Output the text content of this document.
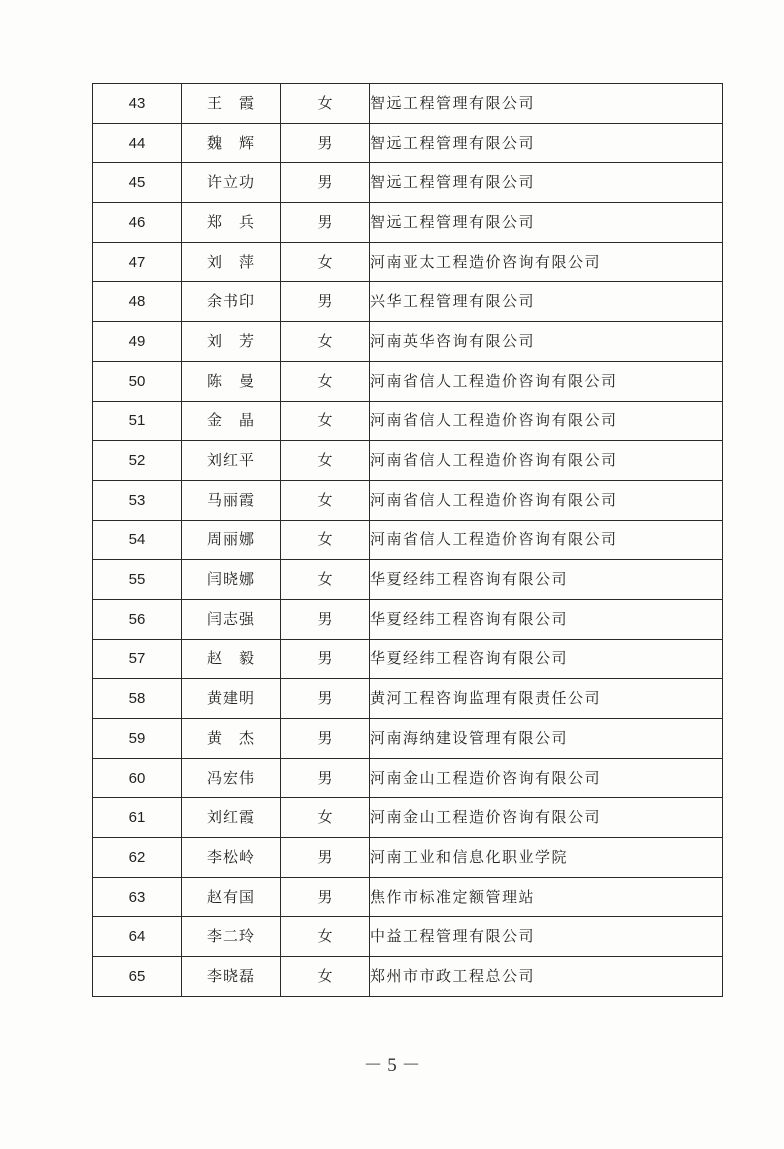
43	王　霞	女	智远工程管理有限公司
44	魏　辉	男	智远工程管理有限公司
45	许立功	男	智远工程管理有限公司
46	郑　兵	男	智远工程管理有限公司
47	刘　萍	女	河南亚太工程造价咨询有限公司
48	余书印	男	兴华工程管理有限公司
49	刘　芳	女	河南英华咨询有限公司
50	陈　曼	女	河南省信人工程造价咨询有限公司
51	金　晶	女	河南省信人工程造价咨询有限公司
52	刘红平	女	河南省信人工程造价咨询有限公司
53	马丽霞	女	河南省信人工程造价咨询有限公司
54	周丽娜	女	河南省信人工程造价咨询有限公司
55	闫晓娜	女	华夏经纬工程咨询有限公司
56	闫志强	男	华夏经纬工程咨询有限公司
57	赵　毅	男	华夏经纬工程咨询有限公司
58	黄建明	男	黄河工程咨询监理有限责任公司
59	黄　杰	男	河南海纳建设管理有限公司
60	冯宏伟	男	河南金山工程造价咨询有限公司
61	刘红霞	女	河南金山工程造价咨询有限公司
62	李松岭	男	河南工业和信息化职业学院
63	赵有国	男	焦作市标准定额管理站
64	李二玲	女	中益工程管理有限公司
65	李晓磊	女	郑州市市政工程总公司
－ 5 －
